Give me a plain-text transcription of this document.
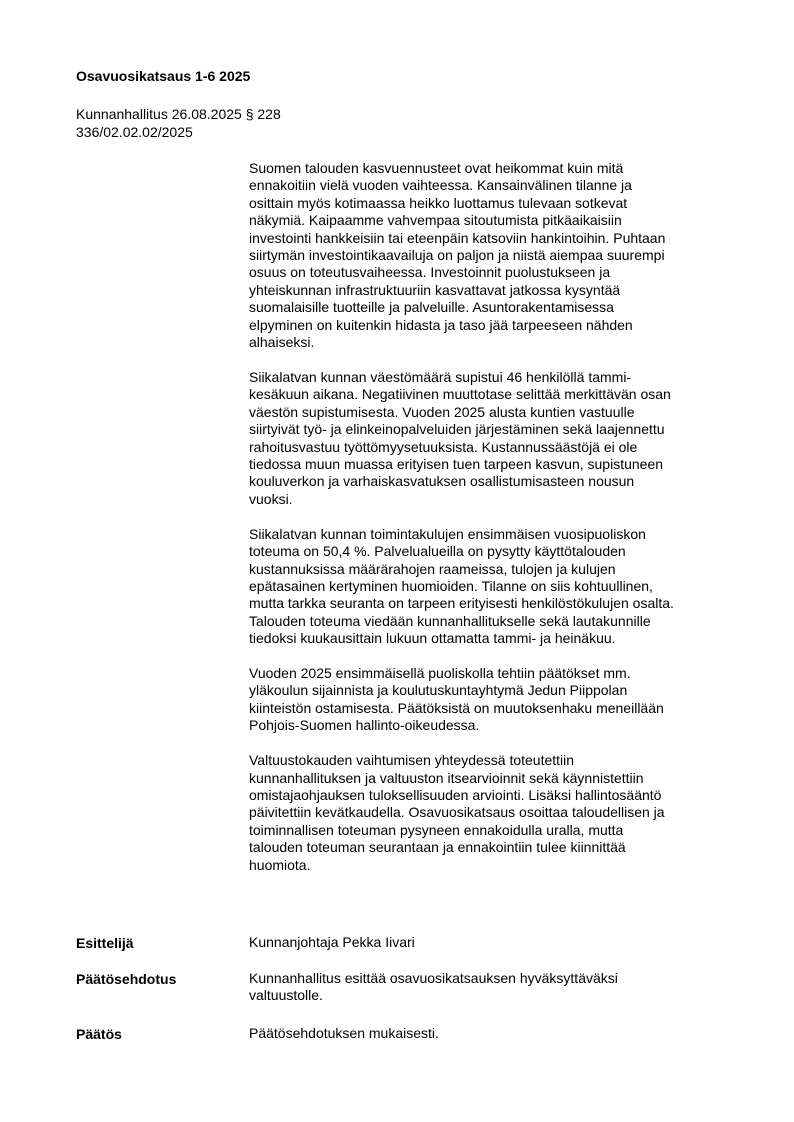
Osavuosikatsaus 1-6 2025
Kunnanhallitus 26.08.2025 § 228
336/02.02.02/2025

Suomen talouden kasvuennusteet ovat heikommat kuin mitä
ennakoitiin vielä vuoden vaihteessa. Kansainvälinen tilanne ja
osittain myös kotimaassa heikko luottamus tulevaan sotkevat
näkymiä. Kaipaamme vahvempaa sitoutumista pitkäaikaisiin
investointi hankkeisiin tai eteenpäin katsoviin hankintoihin. Puhtaan
siirtymän investointikaavailuja on paljon ja niistä aiempaa suurempi
osuus on toteutusvaiheessa. Investoinnit puolustukseen ja
yhteiskunnan infrastruktuuriin kasvattavat jatkossa kysyntää
suomalaisille tuotteille ja palveluille. Asuntorakentamisessa
elpyminen on kuitenkin hidasta ja taso jää tarpeeseen nähden
alhaiseksi.

Siikalatvan kunnan väestömäärä supistui 46 henkilöllä tammi-
kesäkuun aikana. Negatiivinen muuttotase selittää merkittävän osan
väestön supistumisesta. Vuoden 2025 alusta kuntien vastuulle
siirtyivät työ- ja elinkeinopalveluiden järjestäminen sekä laajennettu
rahoitusvastuu työttömyysetuuksista. Kustannussäästöjä ei ole
tiedossa muun muassa erityisen tuen tarpeen kasvun, supistuneen
kouluverkon ja varhaiskasvatuksen osallistumisasteen nousun
vuoksi.

Siikalatvan kunnan toimintakulujen ensimmäisen vuosipuoliskon
toteuma on 50,4 %. Palvelualueilla on pysytty käyttötalouden
kustannuksissa määrärahojen raameissa, tulojen ja kulujen
epätasainen kertyminen huomioiden. Tilanne on siis kohtuullinen,
mutta tarkka seuranta on tarpeen erityisesti henkilöstökulujen osalta.
Talouden toteuma viedään kunnanhallitukselle sekä lautakunnille
tiedoksi kuukausittain lukuun ottamatta tammi- ja heinäkuu.

Vuoden 2025 ensimmäisellä puoliskolla tehtiin päätökset mm.
yläkoulun sijainnista ja koulutuskuntayhtymä Jedun Piippolan
kiinteistön ostamisesta. Päätöksistä on muutoksenhaku meneillään
Pohjois-Suomen hallinto-oikeudessa.

Valtuustokauden vaihtumisen yhteydessä toteutettiin
kunnanhallituksen ja valtuuston itsearvioinnit sekä käynnistettiin
omistajaohjauksen tuloksellisuuden arviointi. Lisäksi hallintosääntö
päivitettiin kevätkaudella. Osavuosikatsaus osoittaa taloudellisen ja
toiminnallisen toteuman pysyneen ennakoidulla uralla, mutta
talouden toteuman seurantaan ja ennakointiin tulee kiinnittää
huomiota.

Esittelijä	Kunnanjohtaja Pekka Iivari
Päätösehdotus	Kunnanhallitus esittää osavuosikatsauksen hyväksyttäväksi
valtuustolle.
Päätös	Päätösehdotuksen mukaisesti.
